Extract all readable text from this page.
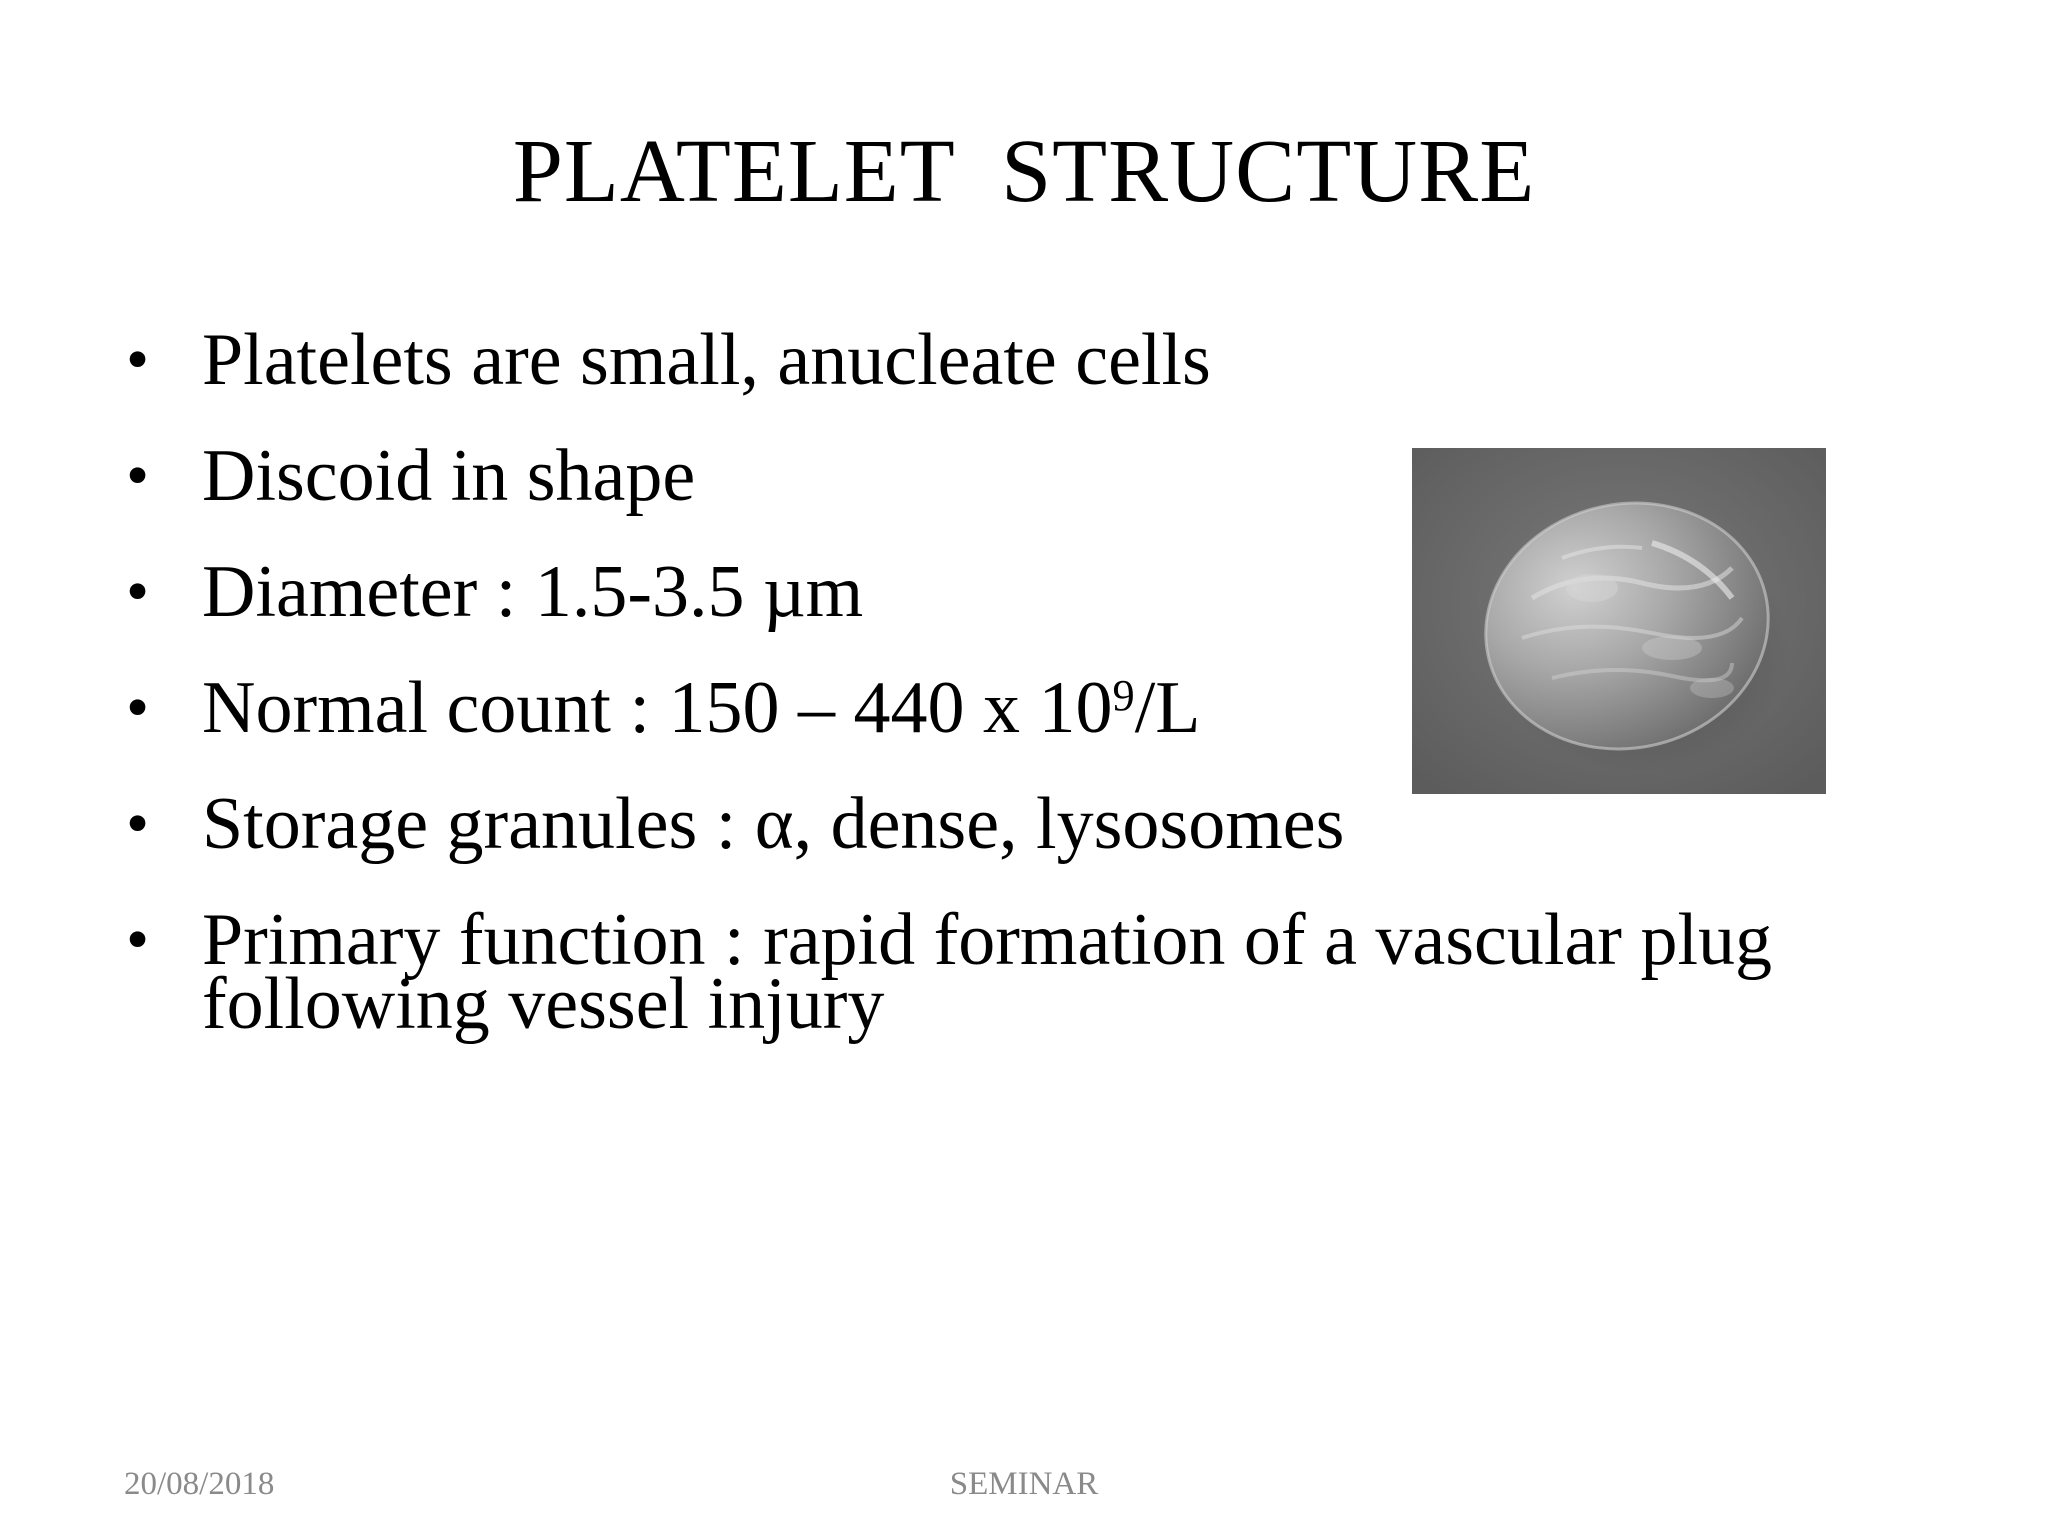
PLATELET  STRUCTURE
• Platelets are small, anucleate cells
• Discoid in shape
• Diameter : 1.5-3.5 µm
• Normal count : 150 – 440 x $10^9/L$
• Storage granules : α, dense, lysosomes
• Primary function : rapid formation of a vascular plug following vessel injury
20/08/2018	SEMINAR
